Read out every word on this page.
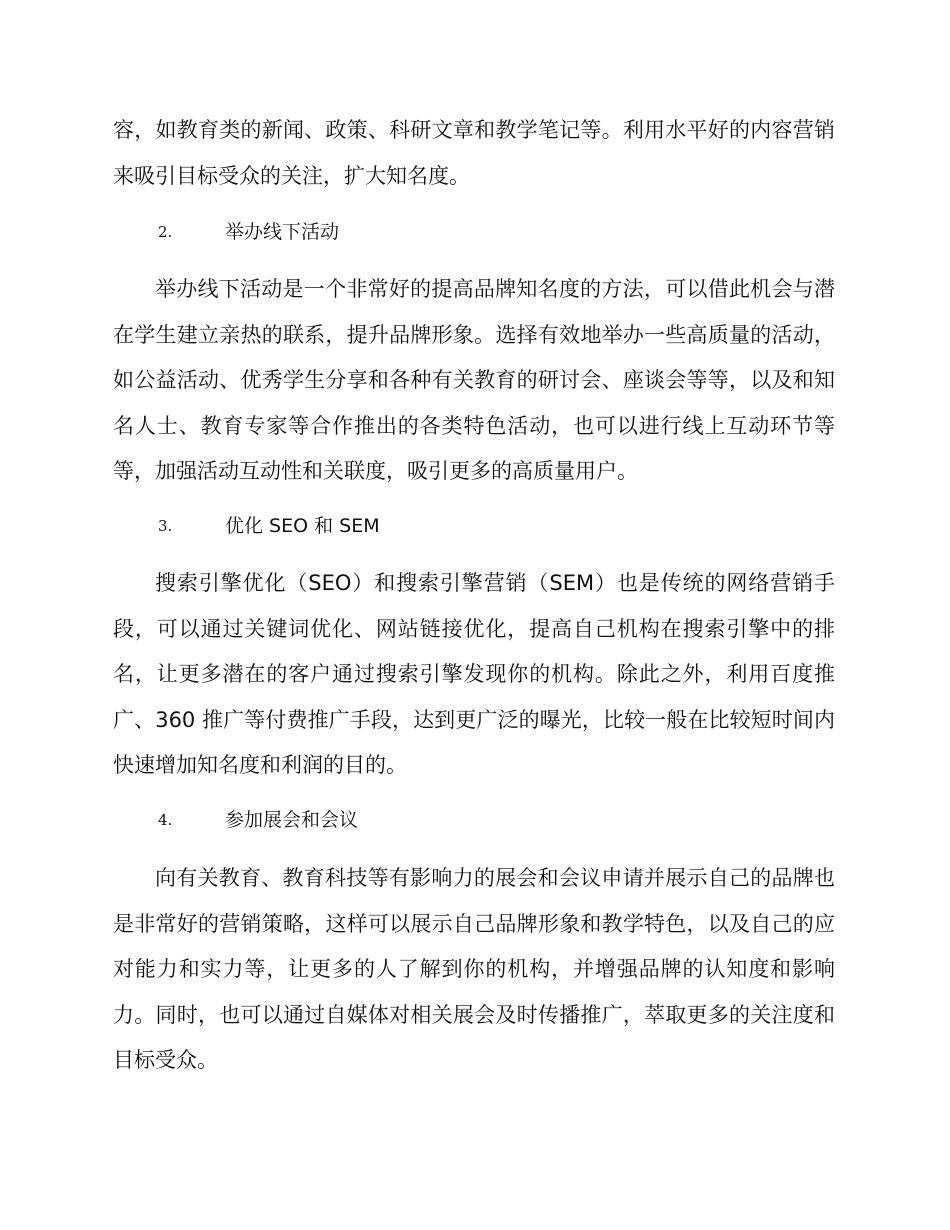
容，如教育类的新闻、政策、科研文章和教学笔记等。利用水平好的内容营销来吸引目标受众的关注，扩大知名度。

2.	举办线下活动

举办线下活动是一个非常好的提高品牌知名度的方法，可以借此机会与潜在学生建立亲热的联系，提升品牌形象。选择有效地举办一些高质量的活动，如公益活动、优秀学生分享和各种有关教育的研讨会、座谈会等等，以及和知名人士、教育专家等合作推出的各类特色活动，也可以进行线上互动环节等等，加强活动互动性和关联度，吸引更多的高质量用户。

3.	优化 SEO 和 SEM

搜索引擎优化（SEO）和搜索引擎营销（SEM）也是传统的网络营销手段，可以通过关键词优化、网站链接优化，提高自己机构在搜索引擎中的排名，让更多潜在的客户通过搜索引擎发现你的机构。除此之外，利用百度推广、360 推广等付费推广手段，达到更广泛的曝光，比较一般在比较短时间内快速增加知名度和利润的目的。

4.	参加展会和会议

向有关教育、教育科技等有影响力的展会和会议申请并展示自己的品牌也是非常好的营销策略，这样可以展示自己品牌形象和教学特色，以及自己的应对能力和实力等，让更多的人了解到你的机构，并增强品牌的认知度和影响力。同时，也可以通过自媒体对相关展会及时传播推广，萃取更多的关注度和目标受众。
